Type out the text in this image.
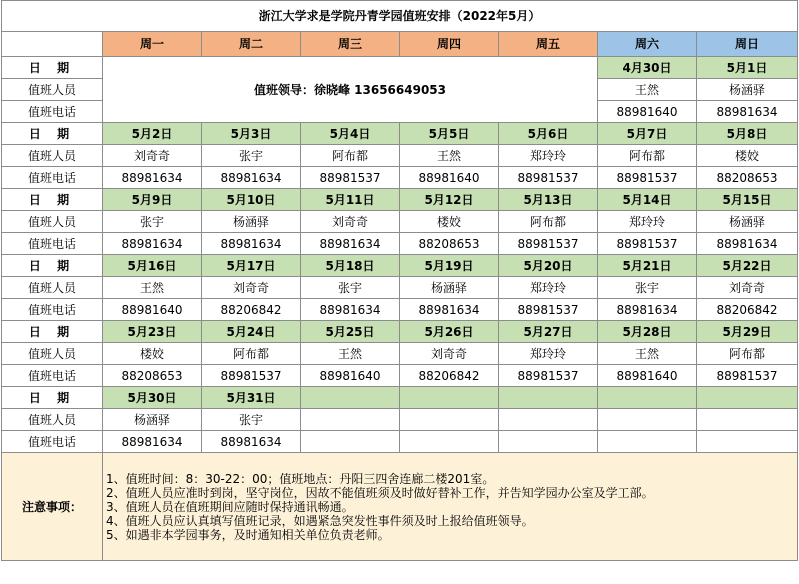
浙江大学求是学院丹青学园值班安排（2022年5月）							
	周一	周二	周三	周四	周五	周六	周日
日 期	值班领导：徐晓峰 13656649053					4月30日	5月1日
值班人员						王然	杨涵驿
值班电话						88981640	88981634
日 期	5月2日	5月3日	5月4日	5月5日	5月6日	5月7日	5月8日
值班人员	刘奇奇	张宇	阿布都	王然	郑玲玲	阿布都	楼姣
值班电话	88981634	88981634	88981537	88981640	88981537	88981537	88208653
日 期	5月9日	5月10日	5月11日	5月12日	5月13日	5月14日	5月15日
值班人员	张宇	杨涵驿	刘奇奇	楼姣	阿布都	郑玲玲	杨涵驿
值班电话	88981634	88981634	88981634	88208653	88981537	88981537	88981634
日 期	5月16日	5月17日	5月18日	5月19日	5月20日	5月21日	5月22日
值班人员	王然	刘奇奇	张宇	杨涵驿	郑玲玲	张宇	刘奇奇
值班电话	88981640	88206842	88981634	88981634	88981537	88981634	88206842
日 期	5月23日	5月24日	5月25日	5月26日	5月27日	5月28日	5月29日
值班人员	楼姣	阿布都	王然	刘奇奇	郑玲玲	王然	阿布都
值班电话	88208653	88981537	88981640	88206842	88981537	88981640	88981537
日 期	5月30日	5月31日					
值班人员	杨涵驿	张宇					
值班电话	88981634	88981634					
注意事项：	1、值班时间：8：30-22：00；值班地点：丹阳三四舍连廊二楼201室。
2、值班人员应准时到岗，坚守岗位，因故不能值班须及时做好替补工作，并告知学园办公室及学工部。
3、值班人员在值班期间应随时保持通讯畅通。
4、值班人员应认真填写值班记录，如遇紧急突发性事件须及时上报给值班领导。
5、如遇非本学园事务，及时通知相关单位负责老师。						
